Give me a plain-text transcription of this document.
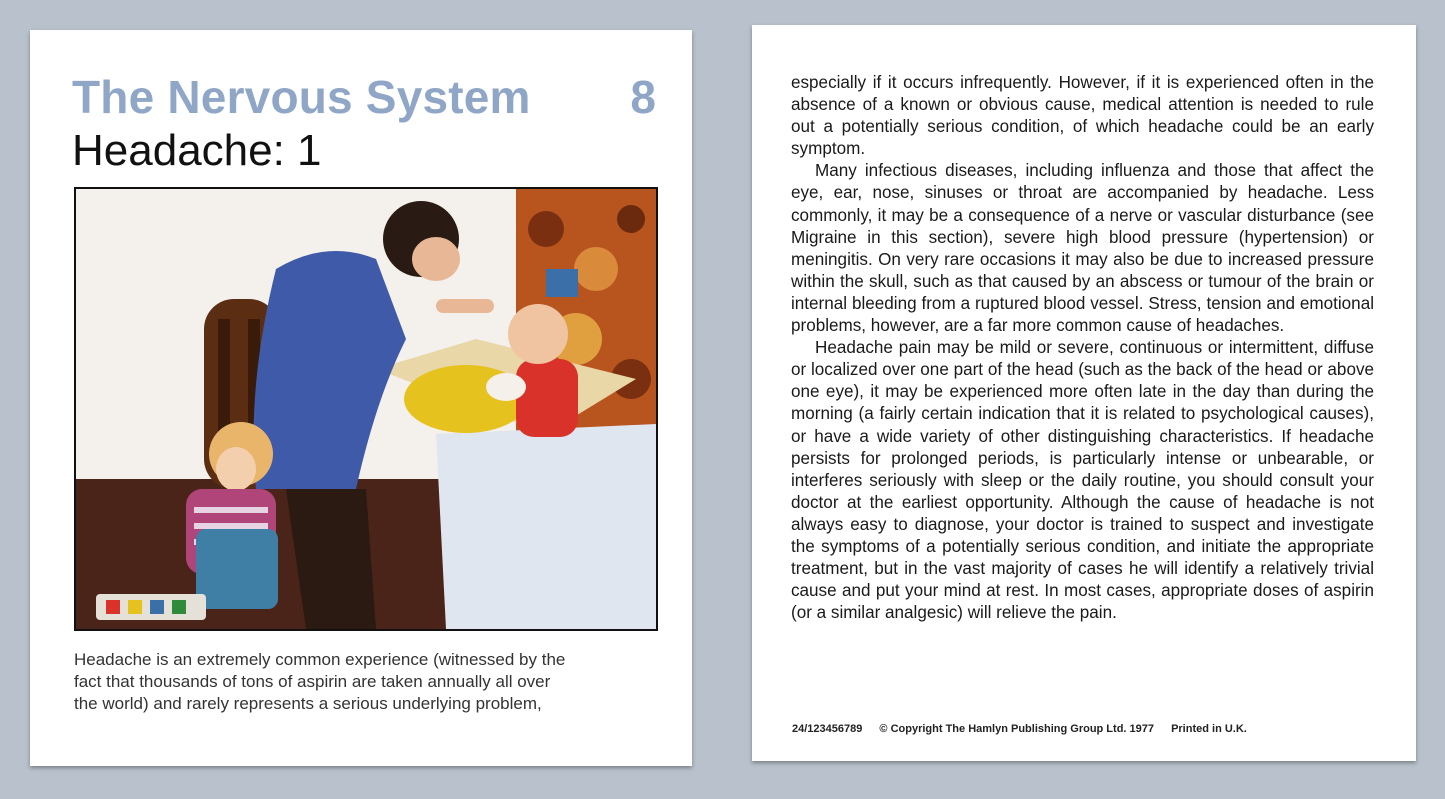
The Nervous System 8
Headache: 1
Headache is an extremely common experience (witnessed by the
fact that thousands of tons of aspirin are taken annually all over
the world) and rarely represents a serious underlying problem,

especially if it occurs infrequently. However, if it is experienced often in the absence of a known or obvious cause, medical attention is needed to rule out a potentially serious condition, of which headache could be an early symptom.

Many infectious diseases, including influenza and those that affect the eye, ear, nose, sinuses or throat are accompanied by headache. Less commonly, it may be a consequence of a nerve or vascular disturbance (see Migraine in this section), severe high blood pressure (hypertension) or meningitis. On very rare occasions it may also be due to increased pressure within the skull, such as that caused by an abscess or tumour of the brain or internal bleeding from a ruptured blood vessel. Stress, tension and emotional problems, however, are a far more common cause of headaches.

Headache pain may be mild or severe, continuous or intermittent, diffuse or localized over one part of the head (such as the back of the head or above one eye), it may be experienced more often late in the day than during the morning (a fairly certain indication that it is related to psychological causes), or have a wide variety of other distinguishing characteristics. If headache persists for prolonged periods, is particularly intense or unbearable, or interferes seriously with sleep or the daily routine, you should consult your doctor at the earliest opportunity. Although the cause of headache is not always easy to diagnose, your doctor is trained to suspect and investigate the symptoms of a potentially serious condition, and initiate the appropriate treatment, but in the vast majority of cases he will identify a relatively trivial cause and put your mind at rest. In most cases, appropriate doses of aspirin (or a similar analgesic) will relieve the pain.

24/123456789 © Copyright The Hamlyn Publishing Group Ltd. 1977 Printed in U.K.
